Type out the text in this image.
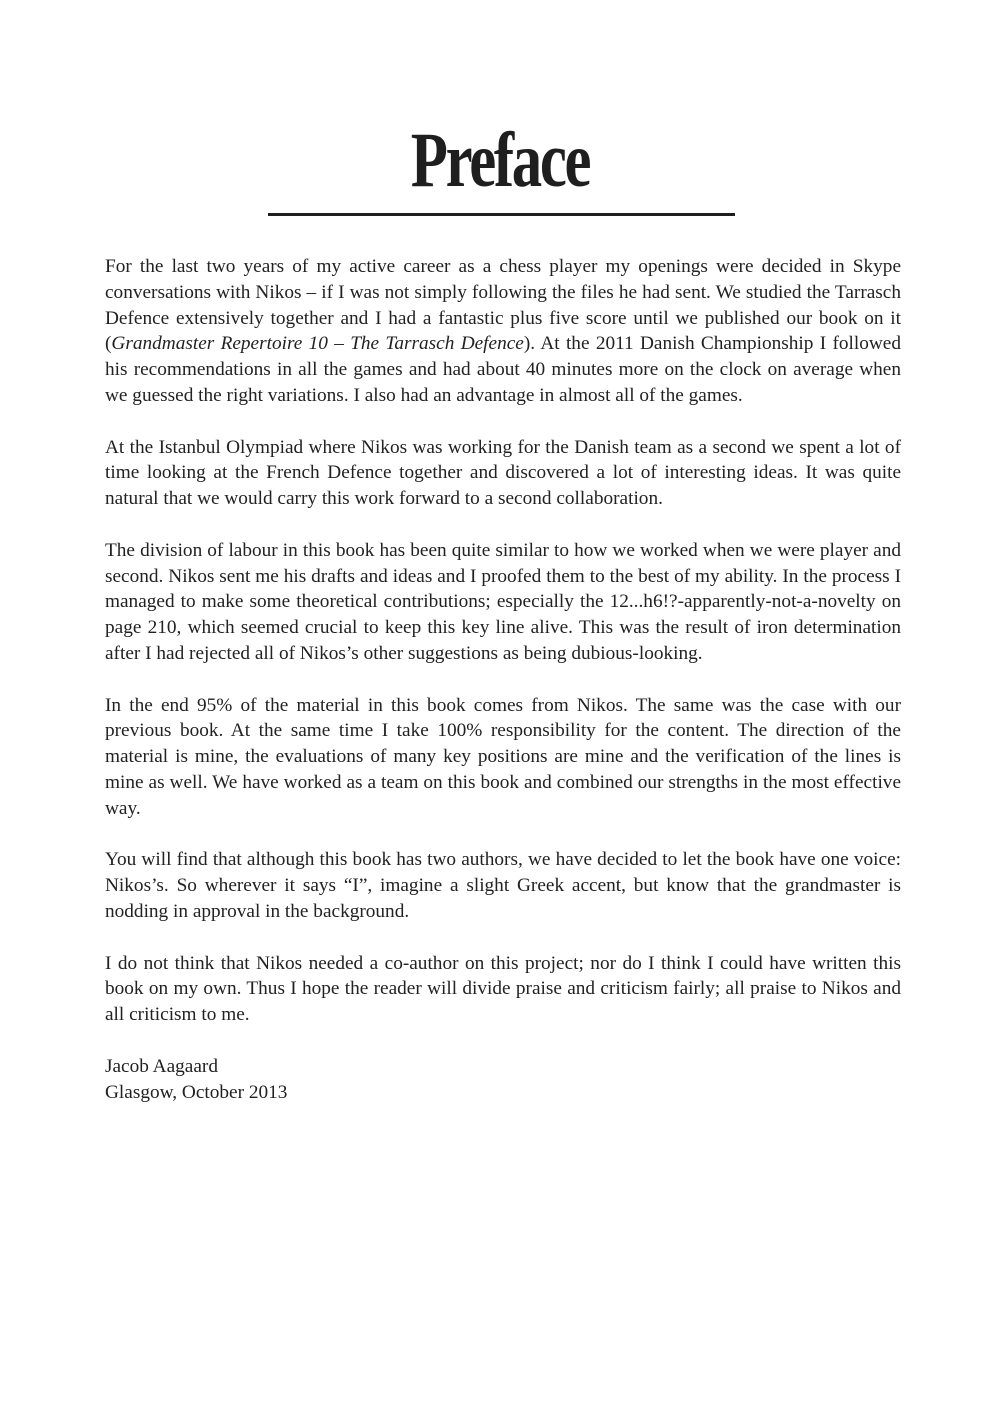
Preface

For the last two years of my active career as a chess player my openings were decided in Skype conversations with Nikos – if I was not simply following the files he had sent. We studied the Tarrasch Defence extensively together and I had a fantastic plus five score until we published our book on it (Grandmaster Repertoire 10 – The Tarrasch Defence). At the 2011 Danish Championship I followed his recommendations in all the games and had about 40 minutes more on the clock on average when we guessed the right variations. I also had an advantage in almost all of the games.

At the Istanbul Olympiad where Nikos was working for the Danish team as a second we spent a lot of time looking at the French Defence together and discovered a lot of interesting ideas. It was quite natural that we would carry this work forward to a second collaboration.

The division of labour in this book has been quite similar to how we worked when we were player and second. Nikos sent me his drafts and ideas and I proofed them to the best of my ability. In the process I managed to make some theoretical contributions; especially the 12...h6!?-apparently-not-a-novelty on page 210, which seemed crucial to keep this key line alive. This was the result of iron determination after I had rejected all of Nikos’s other suggestions as being dubious-looking.

In the end 95% of the material in this book comes from Nikos. The same was the case with our previous book. At the same time I take 100% responsibility for the content. The direction of the material is mine, the evaluations of many key positions are mine and the verification of the lines is mine as well. We have worked as a team on this book and combined our strengths in the most effective way.

You will find that although this book has two authors, we have decided to let the book have one voice: Nikos’s. So wherever it says “I”, imagine a slight Greek accent, but know that the grandmaster is nodding in approval in the background.

I do not think that Nikos needed a co-author on this project; nor do I think I could have written this book on my own. Thus I hope the reader will divide praise and criticism fairly; all praise to Nikos and all criticism to me.

Jacob Aagaard
Glasgow, October 2013
